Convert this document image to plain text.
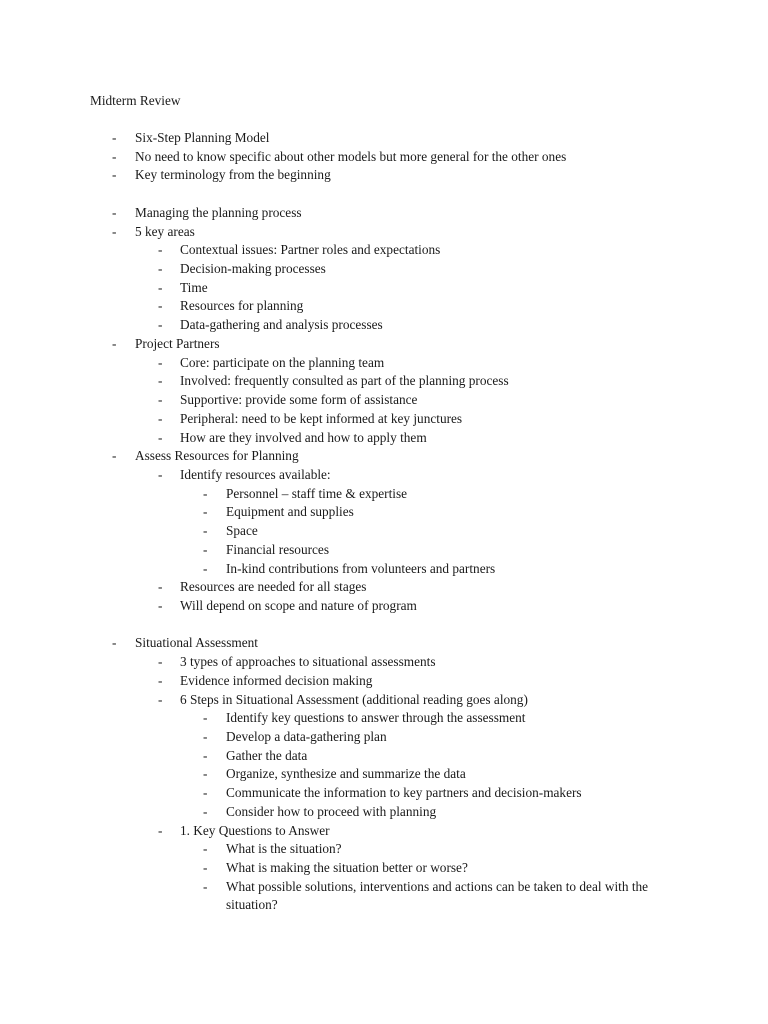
Midterm Review
- Six-Step Planning Model
- No need to know specific about other models but more general for the other ones
- Key terminology from the beginning
- Managing the planning process
- 5 key areas
- Contextual issues: Partner roles and expectations
- Decision-making processes
- Time
- Resources for planning
- Data-gathering and analysis processes
- Project Partners
- Core: participate on the planning team
- Involved: frequently consulted as part of the planning process
- Supportive: provide some form of assistance
- Peripheral: need to be kept informed at key junctures
- How are they involved and how to apply them
- Assess Resources for Planning
- Identify resources available:
- Personnel – staff time & expertise
- Equipment and supplies
- Space
- Financial resources
- In-kind contributions from volunteers and partners
- Resources are needed for all stages
- Will depend on scope and nature of program
- Situational Assessment
- 3 types of approaches to situational assessments
- Evidence informed decision making
- 6 Steps in Situational Assessment (additional reading goes along)
- Identify key questions to answer through the assessment
- Develop a data-gathering plan
- Gather the data
- Organize, synthesize and summarize the data
- Communicate the information to key partners and decision-makers
- Consider how to proceed with planning
- 1. Key Questions to Answer
- What is the situation?
- What is making the situation better or worse?
- What possible solutions, interventions and actions can be taken to deal with the situation?
